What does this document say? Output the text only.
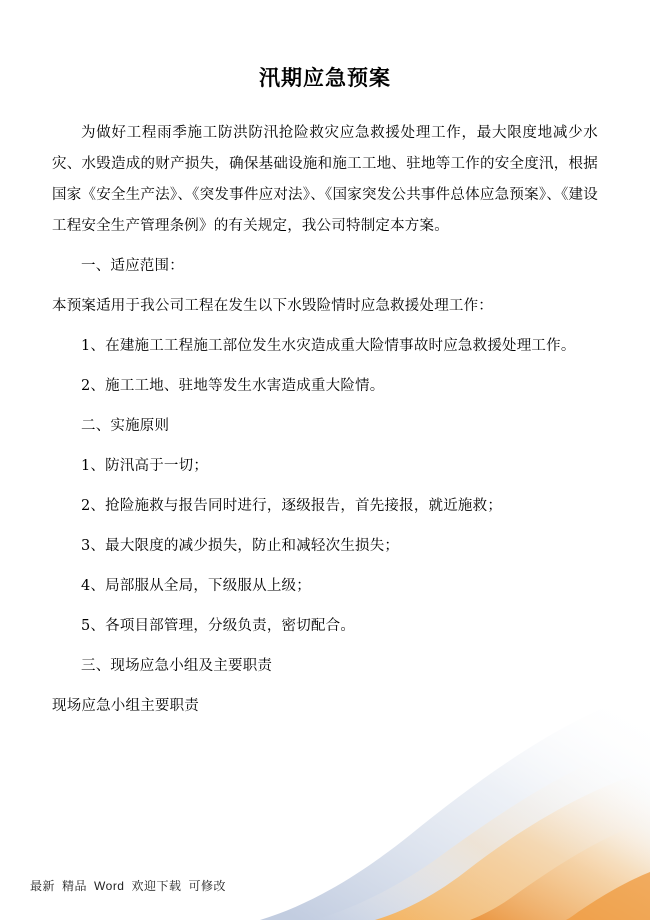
汛期应急预案

为做好工程雨季施工防洪防汛抢险救灾应急救援处理工作，最大限度地减少水灾、水毁造成的财产损失，确保基础设施和施工工地、驻地等工作的安全度汛，根据国家《安全生产法》、《突发事件应对法》、《国家突发公共事件总体应急预案》、《建设工程安全生产管理条例》的有关规定，我公司特制定本方案。

一、适应范围：

本预案适用于我公司工程在发生以下水毁险情时应急救援处理工作：

1、在建施工工程施工部位发生水灾造成重大险情事故时应急救援处理工作。

2、施工工地、驻地等发生水害造成重大险情。

二、实施原则

1、防汛高于一切；

2、抢险施救与报告同时进行，逐级报告，首先接报，就近施救；

3、最大限度的减少损失，防止和减轻次生损失；

4、局部服从全局，下级服从上级；

5、各项目部管理，分级负责，密切配合。

三、现场应急小组及主要职责

现场应急小组主要职责

最新 精品 Word 欢迎下载 可修改
